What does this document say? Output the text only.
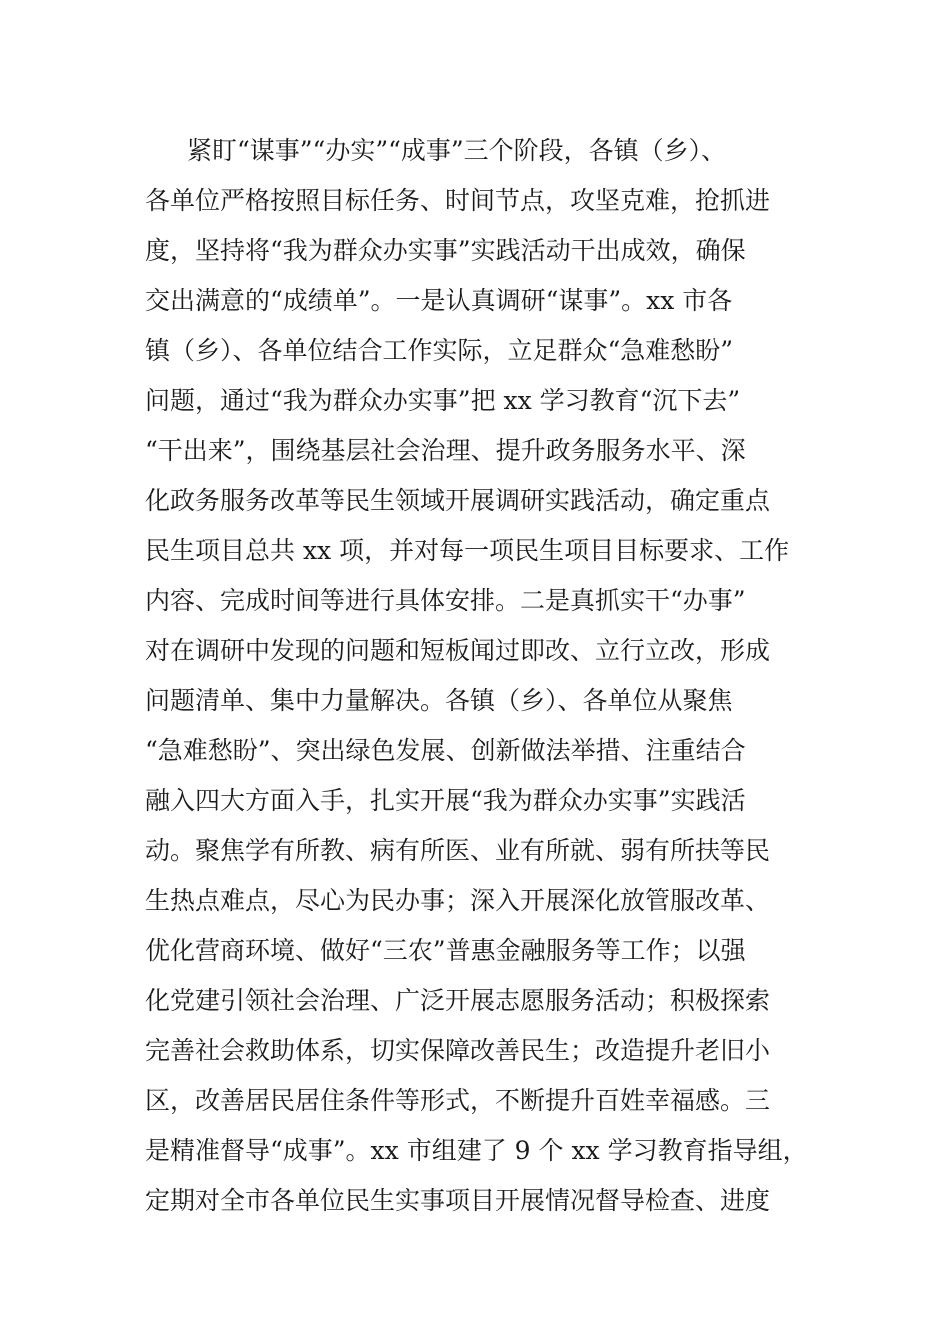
紧盯“谋事”“办实”“成事”三个阶段，各镇（乡）、
各单位严格按照目标任务、时间节点，攻坚克难，抢抓进
度，坚持将“我为群众办实事”实践活动干出成效，确保
交出满意的“成绩单”。一是认真调研“谋事”。xx 市各
镇（乡）、各单位结合工作实际，立足群众“急难愁盼”
问题，通过“我为群众办实事”把 xx 学习教育“沉下去”
“干出来”，围绕基层社会治理、提升政务服务水平、深
化政务服务改革等民生领域开展调研实践活动，确定重点
民生项目总共 xx 项，并对每一项民生项目目标要求、工作
内容、完成时间等进行具体安排。二是真抓实干“办事”
对在调研中发现的问题和短板闻过即改、立行立改，形成
问题清单、集中力量解决。各镇（乡）、各单位从聚焦
“急难愁盼”、突出绿色发展、创新做法举措、注重结合
融入四大方面入手，扎实开展“我为群众办实事”实践活
动。聚焦学有所教、病有所医、业有所就、弱有所扶等民
生热点难点，尽心为民办事；深入开展深化放管服改革、
优化营商环境、做好“三农”普惠金融服务等工作；以强
化党建引领社会治理、广泛开展志愿服务活动；积极探索
完善社会救助体系，切实保障改善民生；改造提升老旧小
区，改善居民居住条件等形式，不断提升百姓幸福感。三
是精准督导“成事”。xx 市组建了 9 个 xx 学习教育指导组，
定期对全市各单位民生实事项目开展情况督导检查、进度
